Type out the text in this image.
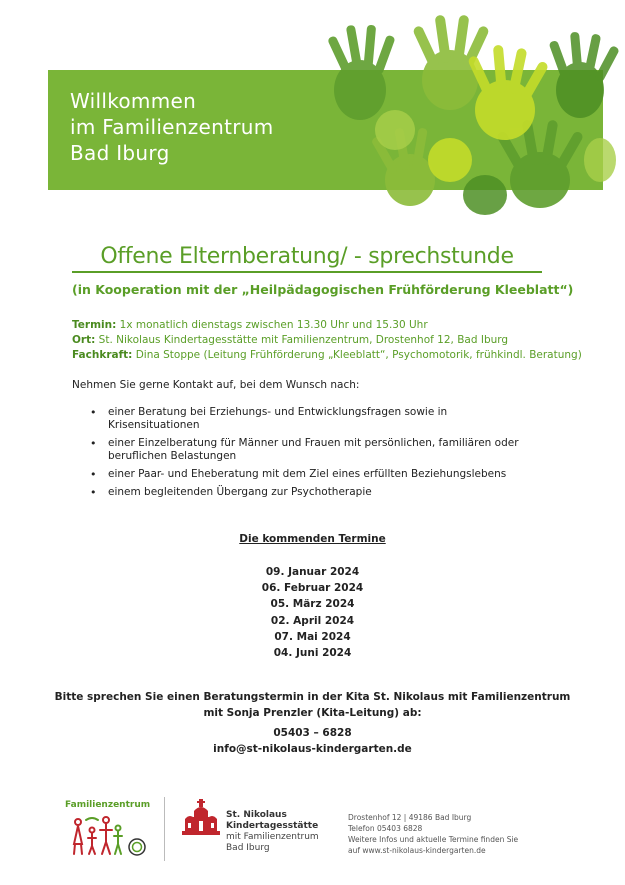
Willkommen
im Familienzentrum
Bad Iburg
Offene Elternberatung/ - sprechstunde
(in Kooperation mit der „Heilpädagogischen Frühförderung Kleeblatt“)
Termin: 1x monatlich dienstags zwischen 13.30 Uhr und 15.30 Uhr
Ort: St. Nikolaus Kindertagesstätte mit Familienzentrum, Drostenhof 12, Bad Iburg
Fachkraft: Dina Stoppe (Leitung Frühförderung „Kleeblatt“, Psychomotorik, frühkindl. Beratung)
Nehmen Sie gerne Kontakt auf, bei dem Wunsch nach:
• einer Beratung bei Erziehungs- und Entwicklungsfragen sowie in Krisensituationen
• einer Einzelberatung für Männer und Frauen mit persönlichen, familiären oder beruflichen Belastungen
• einer Paar- und Eheberatung mit dem Ziel eines erfüllten Beziehungslebens
• einem begleitenden Übergang zur Psychotherapie
Die kommenden Termine
09. Januar 2024
06. Februar 2024
05. März 2024
02. April 2024
07. Mai 2024
04. Juni 2024
Bitte sprechen Sie einen Beratungstermin in der Kita St. Nikolaus mit Familienzentrum
mit Sonja Prenzler (Kita-Leitung) ab:
05403 – 6828
info@st-nikolaus-kindergarten.de
Familienzentrum
St. Nikolaus
Kindertagesstätte
mit Familienzentrum
Bad Iburg
Drostenhof 12 | 49186 Bad Iburg
Telefon 05403 6828
Weitere Infos und aktuelle Termine finden Sie
auf www.st-nikolaus-kindergarten.de
